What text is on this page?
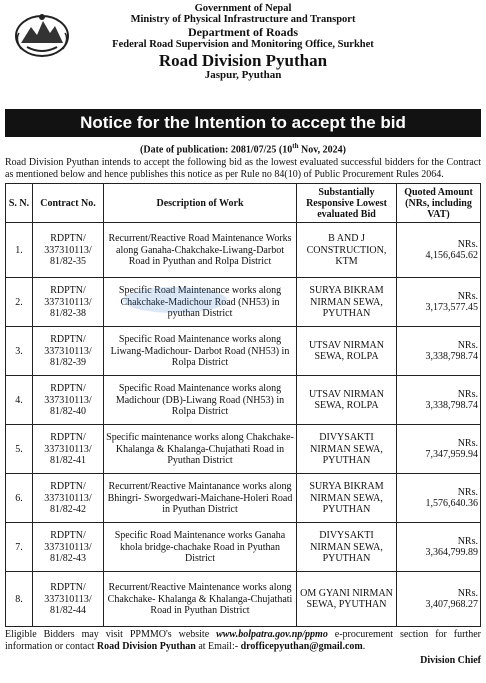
Government of Nepal
Ministry of Physical Infrastructure and Transport
Department of Roads
Federal Road Supervision and Monitoring Office, Surkhet
Road Division Pyuthan
Jaspur, Pyuthan
Notice for the Intention to accept the bid
(Date of publication: 2081/07/25 (10th Nov, 2024)
Road Division Pyuthan intends to accept the following bid as the lowest evaluated successful bidders for the Contract as mentioned below and hence publishes this notice as per Rule no 84(10) of Public Procurement Rules 2064.
S. N.	Contract No.	Description of Work	Substantially Responsive Lowest evaluated Bid	Quoted Amount (NRs, including VAT)
1.	RDPTN/ 337310113/ 81/82-35	Recurrent/Reactive Road Maintenance Works along Ganaha-Chakchake-Liwang-Darbot Road in Pyuthan and Rolpa District	B AND J CONSTRUCTION, KTM	NRs.
4,156,645.62

2.	RDPTN/ 337310113/ 81/82-38	Specific Road Maintenance works along Chakchake-Madichour Road (NH53) in pyuthan District	SURYA BIKRAM NIRMAN SEWA, PYUTHAN	NRs.
3,173,577.45

3.	RDPTN/ 337310113/ 81/82-39	Specific Road Maintenance works along Liwang-Madichour- Darbot Road (NH53) in Rolpa District	UTSAV NIRMAN SEWA, ROLPA	NRs.
3,338,798.74

4.	RDPTN/ 337310113/ 81/82-40	Specific Road Maintenance works along Madichour (DB)-Liwang Road (NH53) in Rolpa District	UTSAV NIRMAN SEWA, ROLPA	NRs.
3,338,798.74

5.	RDPTN/ 337310113/ 81/82-41	Specific maintenance works along Chakchake-Khalanga & Khalanga-Chujathati Road in Pyuthan District	DIVYSAKTI NIRMAN SEWA, PYUTHAN	NRs.
7,347,959.94

6.	RDPTN/ 337310113/ 81/82-42	Recurrent/Reactive Maintanance works along Bhingri- Sworgedwari-Maichane-Holeri Road in Pyuthan District	SURYA BIKRAM NIRMAN SEWA, PYUTHAN	NRs.
1,576,640.36

7.	RDPTN/ 337310113/ 81/82-43	Specific Road Maintenance works Ganaha khola bridge-chachake Road in Pyuthan District	DIVYSAKTI NIRMAN SEWA, PYUTHAN	NRs.
3,364,799.89

8.	RDPTN/ 337310113/ 81/82-44	Recurrent/Reactive Maintenance works along Chakchake- Khalanga & Khalanga-Chujathati Road in Pyuthan District	OM GYANI NIRMAN SEWA, PYUTHAN	NRs.
3,407,968.27
Eligible Bidders may visit PPMMO's website www.bolpatra.gov.np/ppmo e-procurement section for further information or contact Road Division Pyuthan at Email:- drofficepyuthan@gmail.com.
Division Chief
